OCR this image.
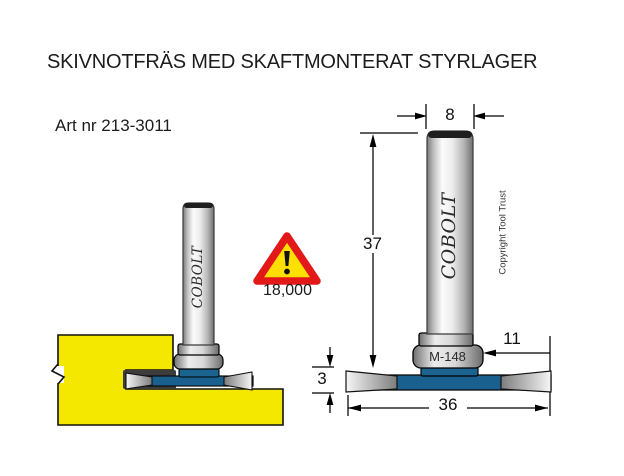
SKIVNOTFRÄS MED SKAFTMONTERAT STYRLAGER
Art nr 213-3011
18,000
8
37
11
3
36
M-148
COBOLT	COBOLT	Copyright Tool Trust
